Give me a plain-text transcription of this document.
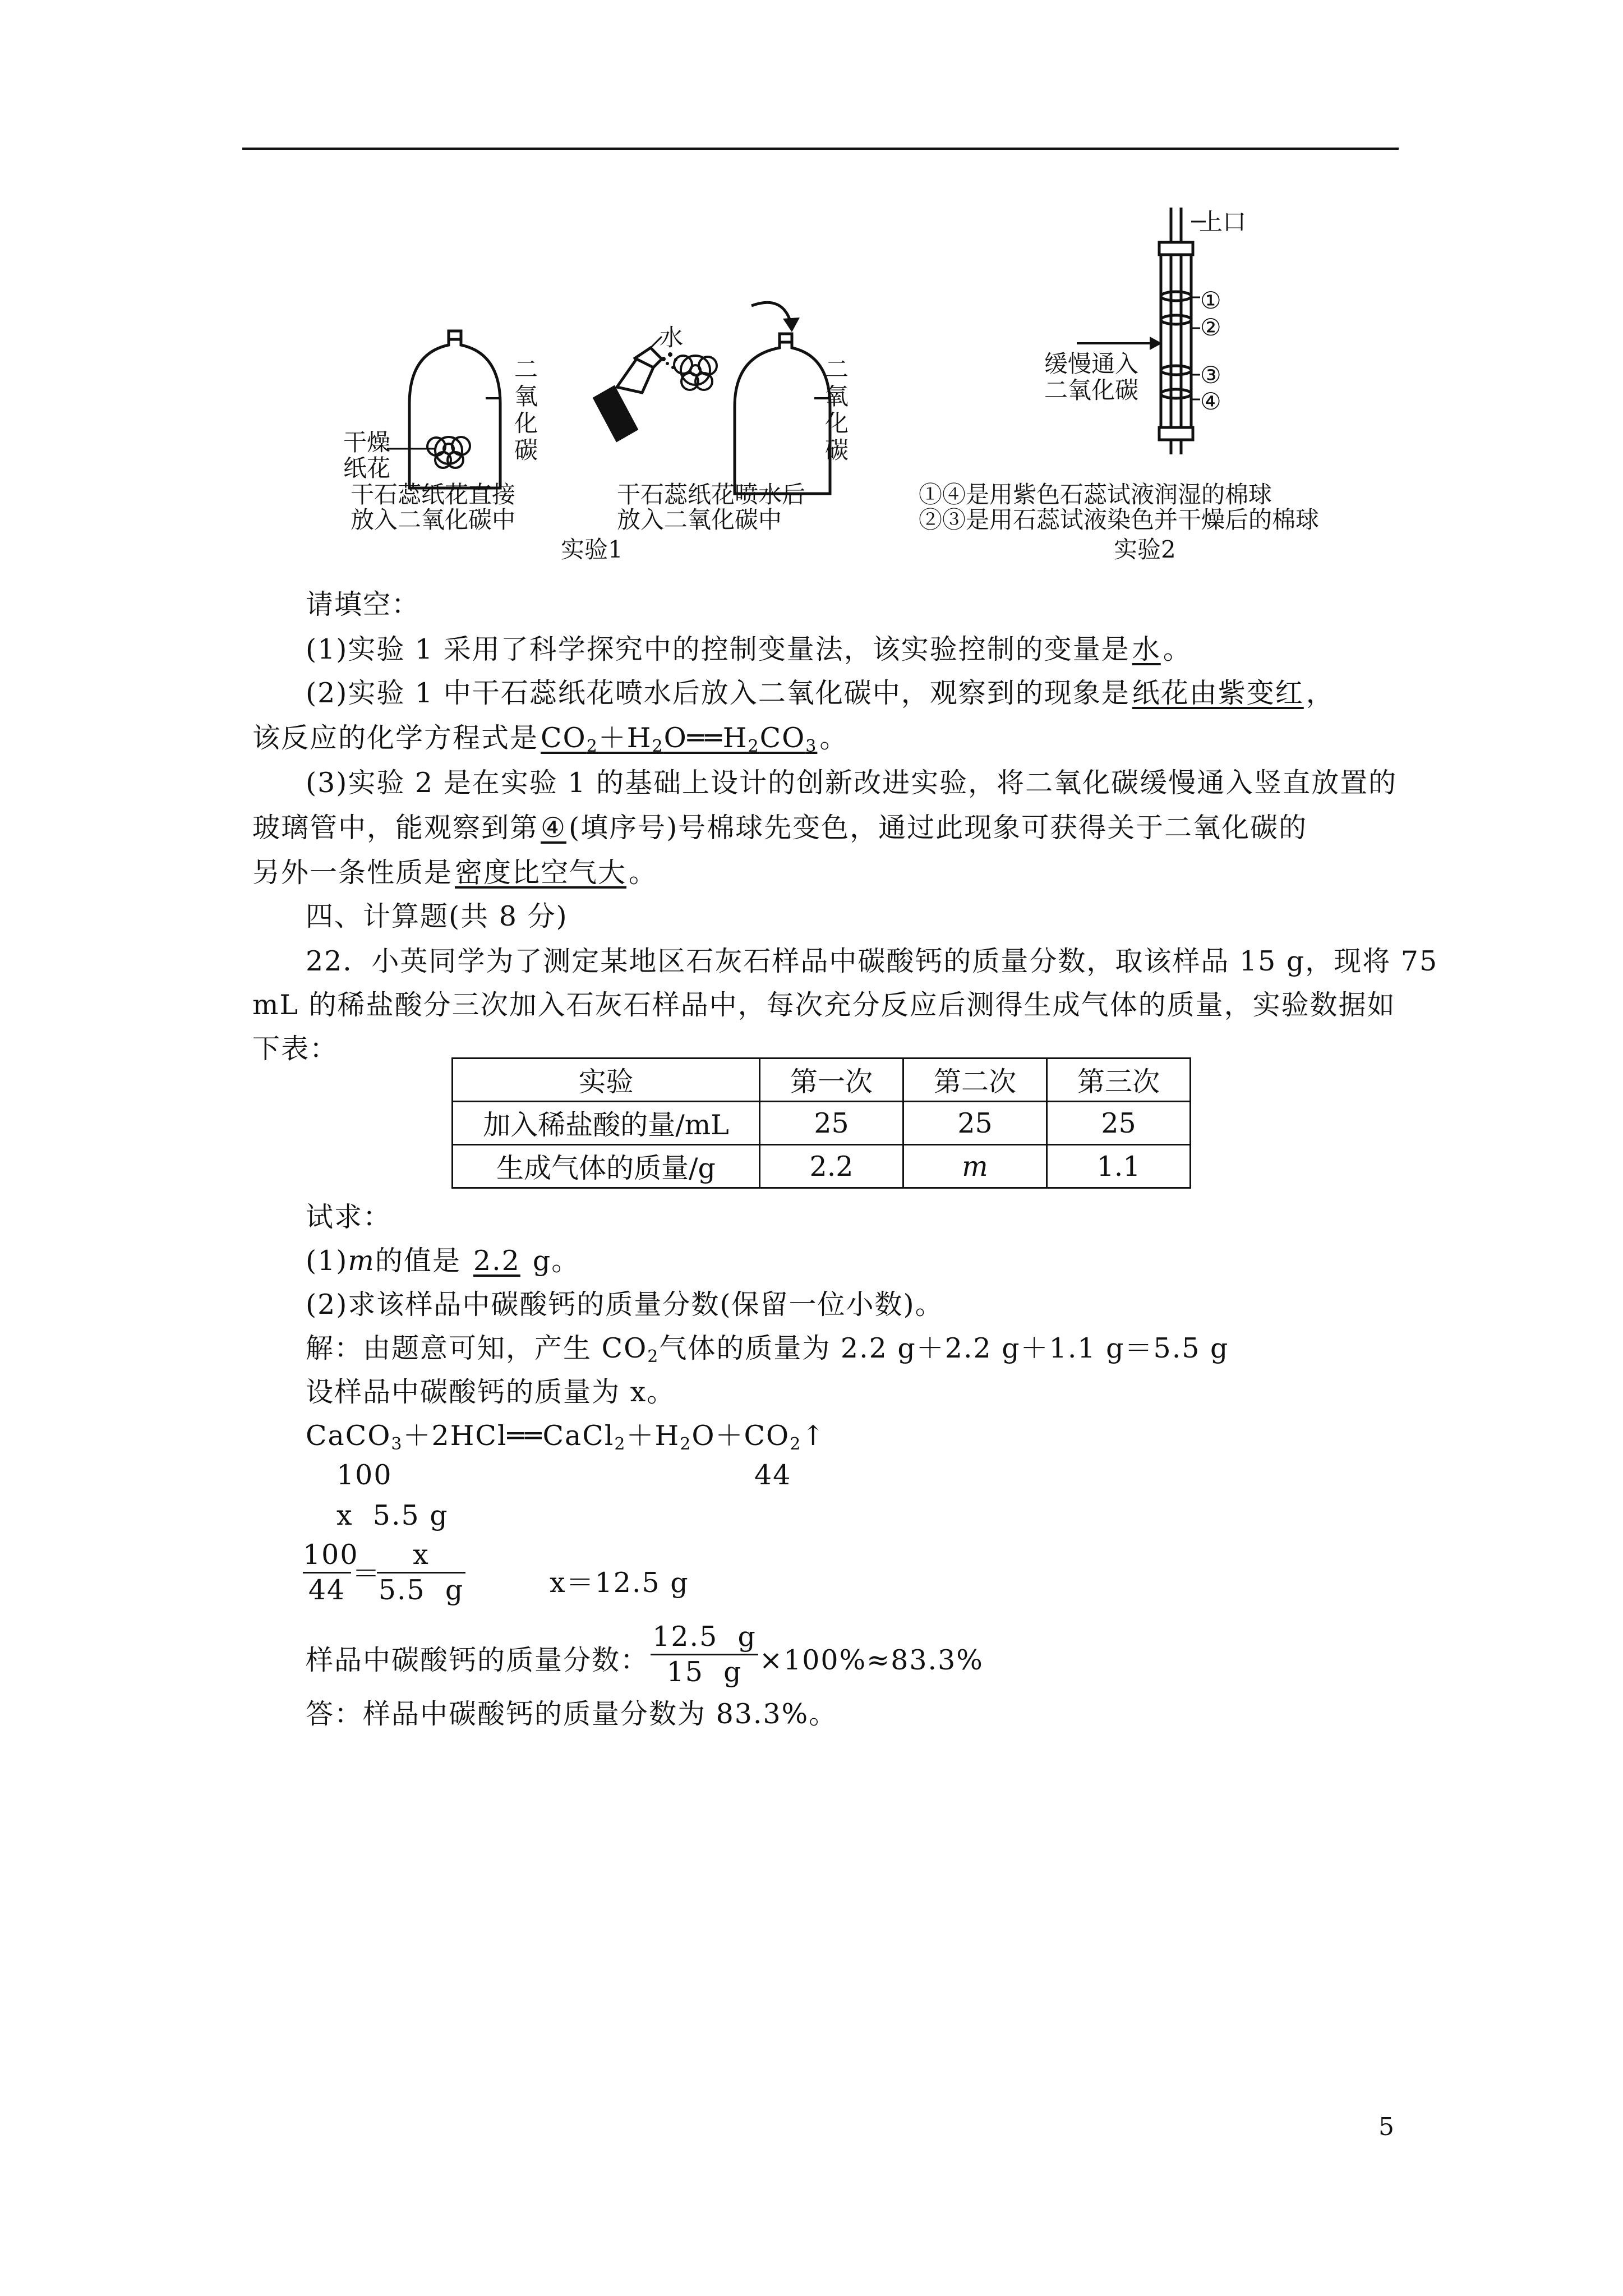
二氧化碳
二氧化碳
水
干燥纸花
干石蕊纸花直接
放入二氧化碳中
干石蕊纸花喷水后
放入二氧化碳中
实验1
上口
①
②
③
④
缓慢通入
二氧化碳
①④是用紫色石蕊试液润湿的棉球
②③是用石蕊试液染色并干燥后的棉球
实验2
请填空：
(1)实验 1 采用了科学探究中的控制变量法，该实验控制的变量是水。
(2)实验 1 中干石蕊纸花喷水后放入二氧化碳中，观察到的现象是纸花由紫变红，
该反应的化学方程式是$CO_2+H_2O══H_2CO_3$。
(3)实验 2 是在实验 1 的基础上设计的创新改进实验，将二氧化碳缓慢通入竖直放置的
玻璃管中，能观察到第④(填序号)号棉球先变色，通过此现象可获得关于二氧化碳的
另外一条性质是密度比空气大。
四、计算题(共 8 分)
22．小英同学为了测定某地区石灰石样品中碳酸钙的质量分数，取该样品 15 g，现将 75
mL 的稀盐酸分三次加入石灰石样品中，每次充分反应后测得生成气体的质量，实验数据如
下表：
实验	第一次	第二次	第三次
加入稀盐酸的量/mL	25	25	25
生成气体的质量/g	2.2	m	1.1
试求：
(1)m的值是 2.2 g。
(2)求该样品中碳酸钙的质量分数(保留一位小数)。
解：由题意可知，产生 $CO_2$气体的质量为 2.2 g＋2.2 g＋1.1 g＝5.5 g
设样品中碳酸钙的质量为 x。
$CaCO_3+2HCl══CaCl_2+H_2O+CO_2↑$
100	44
x  5.5 g
100
44
＝
x
5.5  g	x＝12.5 g
样品中碳酸钙的质量分数：
12.5  g
15  g ×100%≈83.3%
答：样品中碳酸钙的质量分数为 83.3%。
5
